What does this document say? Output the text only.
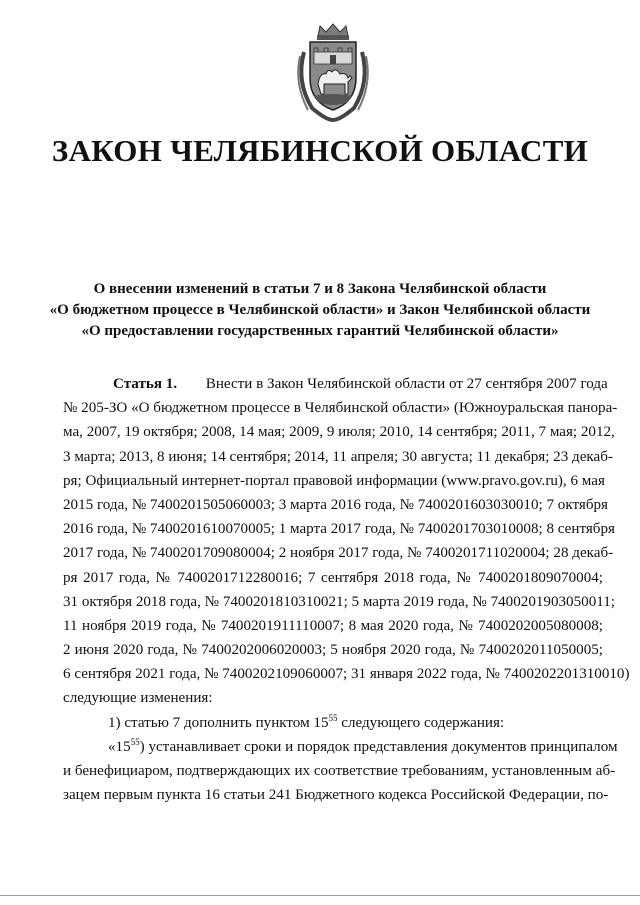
ЗАКОН ЧЕЛЯБИНСКОЙ ОБЛАСТИ
О внесении изменений в статьи 7 и 8 Закона Челябинской области
«О бюджетном процессе в Челябинской области» и Закон Челябинской области
«О предоставлении государственных гарантий Челябинской области»
Статья 1. Внести в Закон Челябинской области от 27 сентября 2007 года
№ 205-ЗО «О бюджетном процессе в Челябинской области» (Южноуральская панора-
ма, 2007, 19 октября; 2008, 14 мая; 2009, 9 июля; 2010, 14 сентября; 2011, 7 мая; 2012,
3 марта; 2013, 8 июня; 14 сентября; 2014, 11 апреля; 30 августа; 11 декабря; 23 декаб-
ря; Официальный интернет-портал правовой информации (www.pravo.gov.ru), 6 мая
2015 года, № 7400201505060003; 3 марта 2016 года, № 7400201603030010; 7 октября
2016 года, № 7400201610070005; 1 марта 2017 года, № 7400201703010008; 8 сентября
2017 года, № 7400201709080004; 2 ноября 2017 года, № 7400201711020004; 28 декаб-
ря 2017 года, № 7400201712280016; 7 сентября 2018 года, № 7400201809070004;
31 октября 2018 года, № 7400201810310021; 5 марта 2019 года, № 7400201903050011;
11 ноября 2019 года, № 7400201911110007; 8 мая 2020 года, № 7400202005080008;
2 июня 2020 года, № 7400202006020003; 5 ноября 2020 года, № 7400202011050005;
6 сентября 2021 года, № 7400202109060007; 31 января 2022 года, № 7400202201310010)
следующие изменения:
1) статью 7 дополнить пунктом $15^{55}$ следующего содержания:
«$15^{55}$) устанавливает сроки и порядок представления документов принципалом
и бенефициаром, подтверждающих их соответствие требованиям, установленным аб-
зацем первым пункта 16 статьи 241 Бюджетного кодекса Российской Федерации, по-
